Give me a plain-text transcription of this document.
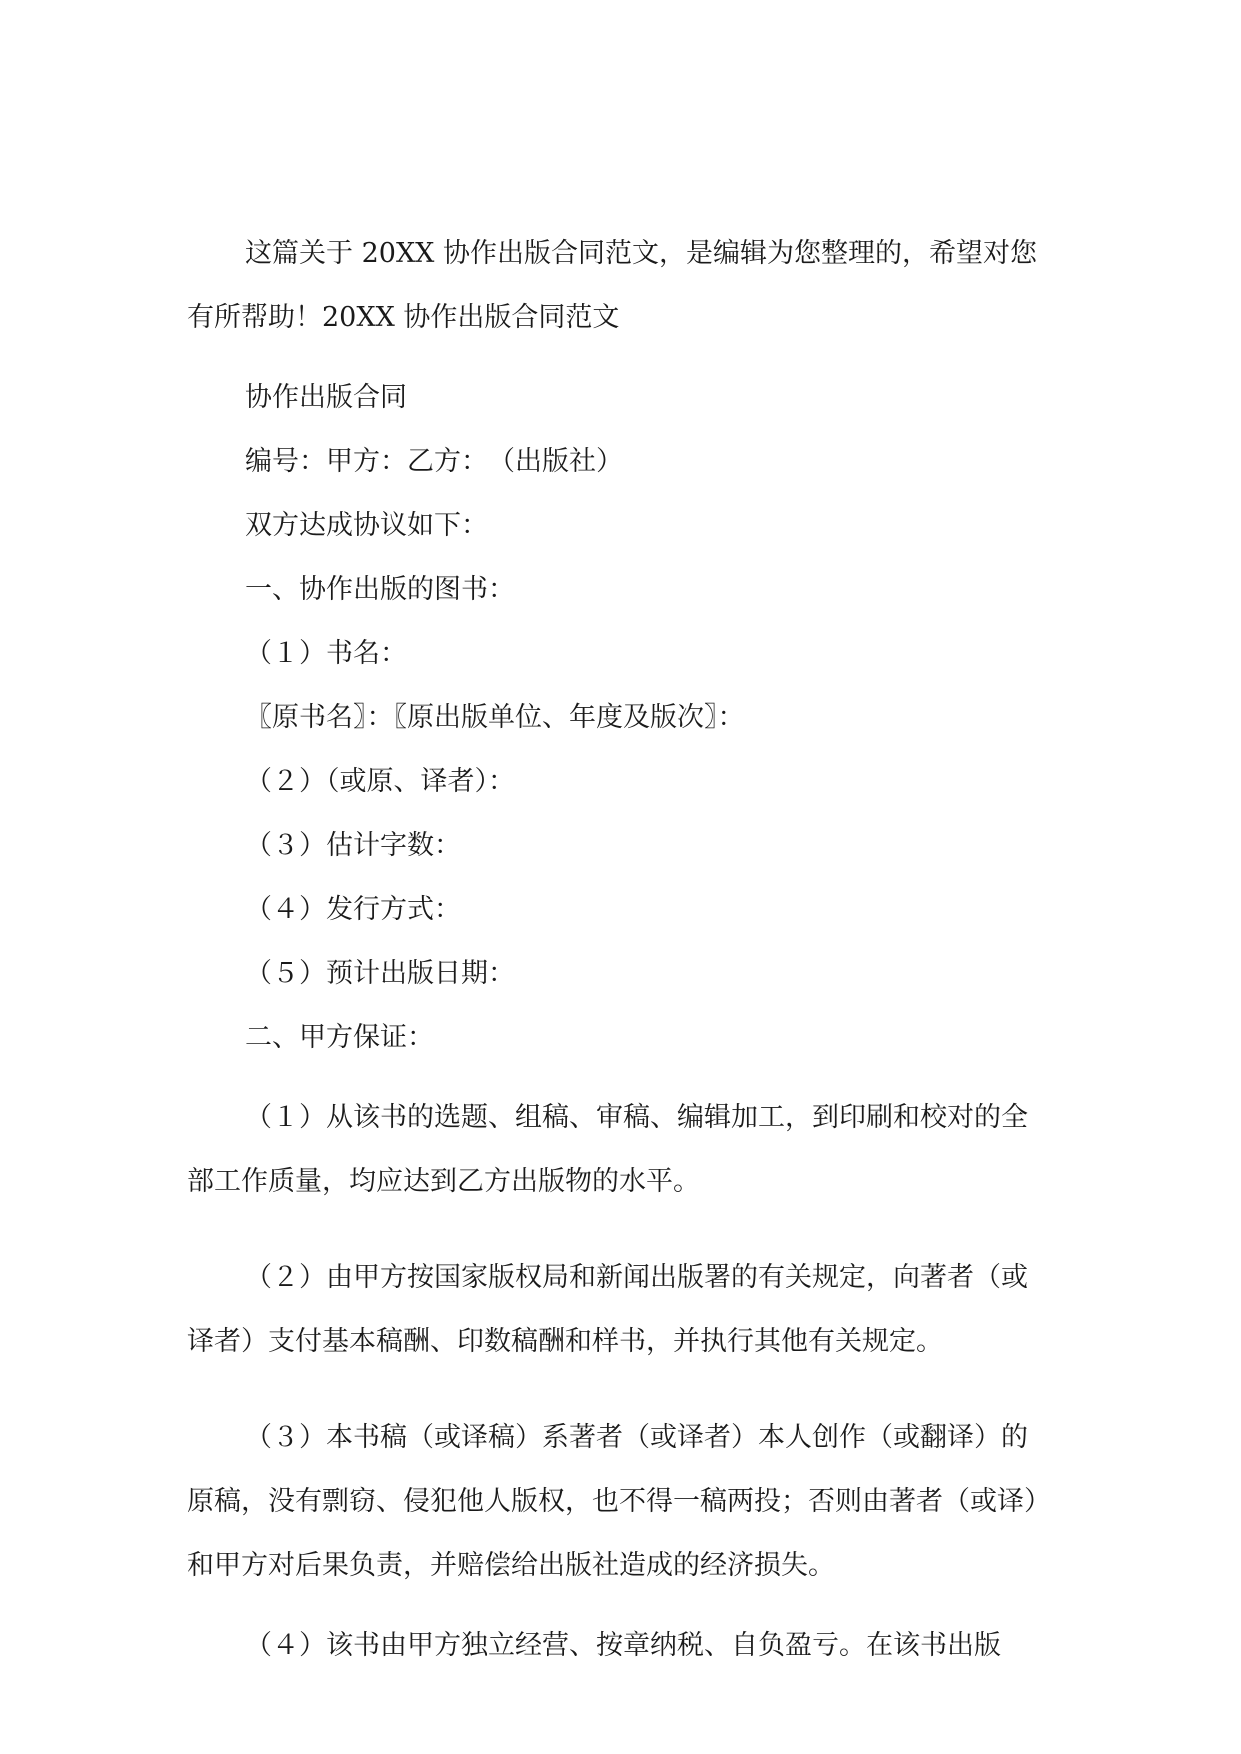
这篇关于 20XX 协作出版合同范文，是编辑为您整理的，希望对您有所帮助！20XX 协作出版合同范文

协作出版合同

编号：甲方：乙方：　（出版社）

双方达成协议如下：

一、协作出版的图书：

（１）书名：

〖原书名〗：〖原出版单位、年度及版次〗：

（２）（或原、译者）：

（３）估计字数：

（４）发行方式：

（５）预计出版日期：

二、甲方保证：

（１）从该书的选题、组稿、审稿、编辑加工，到印刷和校对的全部工作质量，均应达到乙方出版物的水平。

（２）由甲方按国家版权局和新闻出版署的有关规定，向著者（或译者）支付基本稿酬、印数稿酬和样书，并执行其他有关规定。

（３）本书稿（或译稿）系著者（或译者）本人创作（或翻译）的原稿，没有剽窃、侵犯他人版权，也不得一稿两投；否则由著者（或译）和甲方对后果负责，并赔偿给出版社造成的经济损失。

（４）该书由甲方独立经营、按章纳税、自负盈亏。在该书出版
